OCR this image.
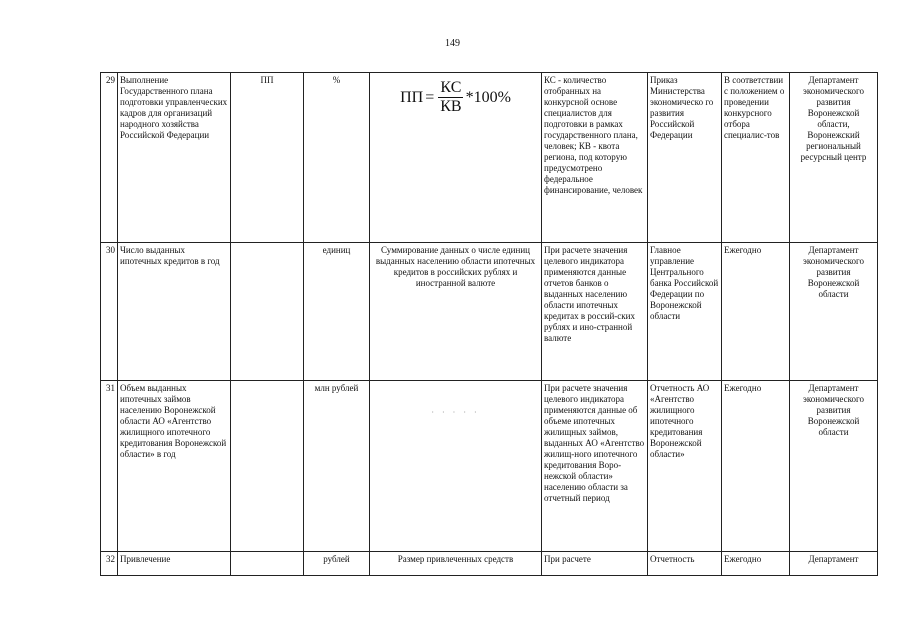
149
29	Выполнение Государственного плана подготовки управленческих кадров для организаций народного хозяйства Российской Федерации	ПП	%	ПП = $\frac{КС}{КВ} *100\%$	КС - количество отобранных на конкурсной основе специалистов для подготовки в рамках государственного плана, человек; КВ - квота региона, под которую предусмотрено федеральное финансирование, человек	Приказ Министерства экономическо го развития Российской Федерации	В соответствии с положением о проведении конкурсного отбора специалис-тов	Департамент экономического развития Воронежской области, Воронежский региональный ресурсный центр
30	Число выданных ипотечных кредитов в год		единиц	Суммирование данных о числе единиц выданных населению области ипотечных кредитов в российских рублях и иностранной валюте	При расчете значения целевого индикатора применяются данные отчетов банков о выданных населению области ипотечных кредитах в россий-ских рублях и ино-странной валюте	Главное управление Центрального банка Российской Федерации по Воронежской области	Ежегодно	Департамент экономического развития Воронежской области
31	Объем выданных ипотечных займов населению Воронежской области АО «Агентство жилищного ипотечного кредитования Воронежской области» в год		млн рублей	· · · · ·	При расчете значения целевого индикатора применяются данные об объеме ипотечных жилищных займов, выданных АО «Агентство жилищ-ного ипотечного кредитования Воро-нежской области» населению области за отчетный период	Отчетность АО «Агентство жилищного ипотечного кредитования Воронежской области»	Ежегодно	Департамент экономического развития Воронежской области
32	Привлечение		рублей	Размер привлеченных средств	При расчете	Отчетность	Ежегодно	Департамент
